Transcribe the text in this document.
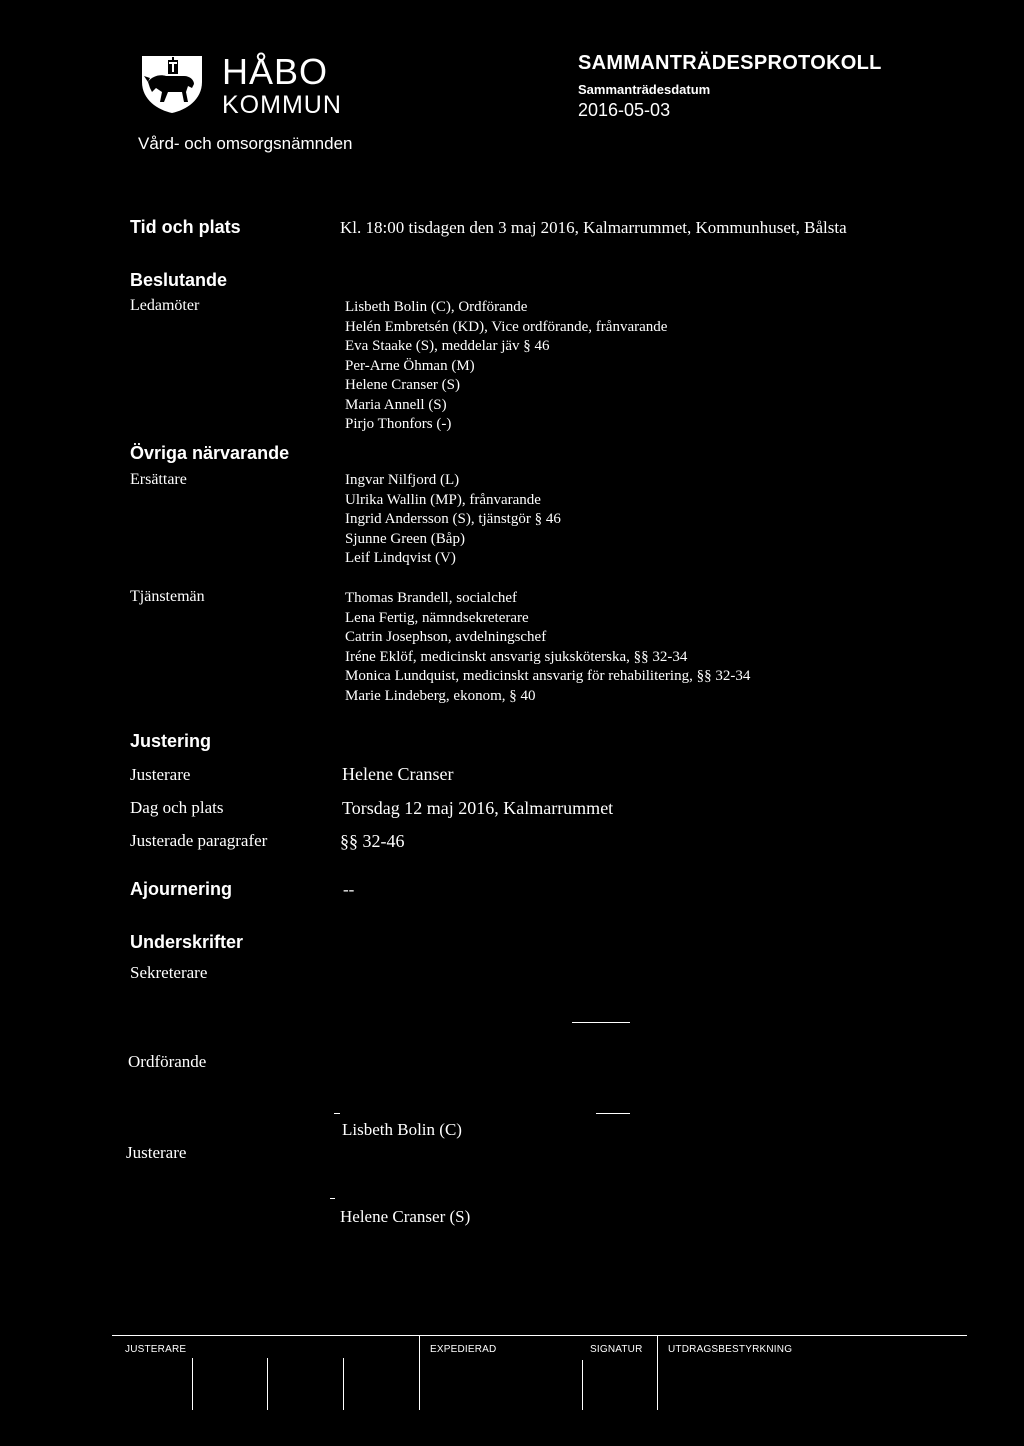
HÅBO
KOMMUN
Vård- och omsorgsnämnden
SAMMANTRÄDESPROTOKOLL
Sammanträdesdatum
2016-05-03
Tid och plats	Kl. 18:00 tisdagen den 3 maj 2016, Kalmarrummet, Kommunhuset, Bålsta
Beslutande
Ledamöter	Lisbeth Bolin (C), Ordförande
Helén Embretsén (KD), Vice ordförande, frånvarande
Eva Staake (S), meddelar jäv § 46
Per-Arne Öhman (M)
Helene Cranser (S)
Maria Annell (S)
Pirjo Thonfors (-)
Övriga närvarande
Ersättare	Ingvar Nilfjord (L)
Ulrika Wallin (MP), frånvarande
Ingrid Andersson (S), tjänstgör § 46
Sjunne Green (Båp)
Leif Lindqvist (V)
Tjänstemän	Thomas Brandell, socialchef
Lena Fertig, nämndsekreterare
Catrin Josephson, avdelningschef
Iréne Eklöf, medicinskt ansvarig sjuksköterska, §§ 32-34
Monica Lundquist, medicinskt ansvarig för rehabilitering, §§ 32-34
Marie Lindeberg, ekonom, § 40
Justering
Justerare	Helene Cranser
Dag och plats	Torsdag 12 maj 2016, Kalmarrummet
Justerade paragrafer	§§ 32-46
Ajournering	--
Underskrifter
Sekreterare
Ordförande
Lisbeth Bolin (C)
Justerare
Helene Cranser (S)
JUSTERARE	EXPEDIERAD	SIGNATUR	UTDRAGSBESTYRKNING
